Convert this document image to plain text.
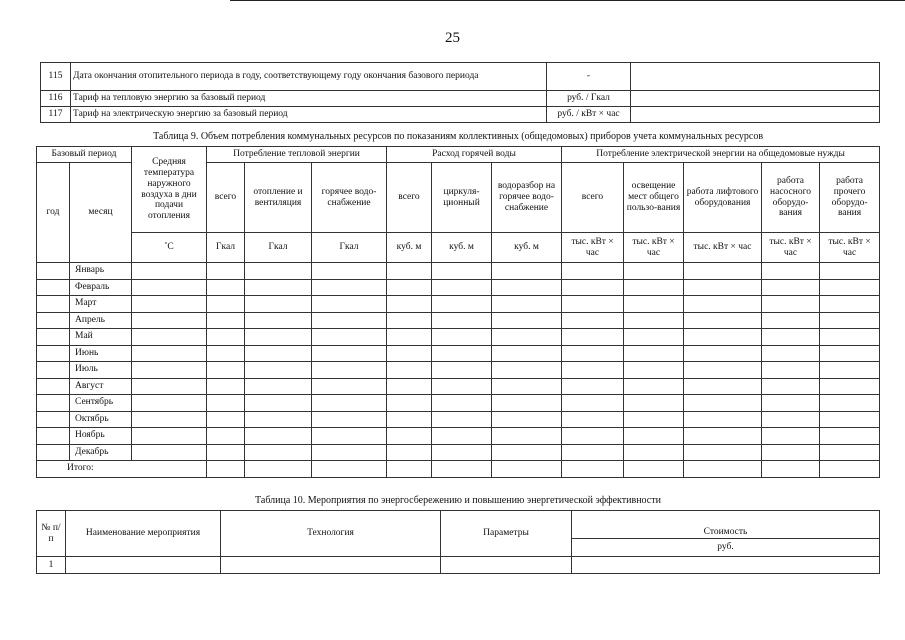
25
115	Дата окончания отопительного периода в году, соответствующему году окончания базового периода	-	
116	Тариф на тепловую энергию за базовый период	руб. / Гкал	
117	Тариф на электрическую энергию за базовый период	руб. / кВт × час	
Таблица 9. Объем потребления коммунальных ресурсов по показаниям коллективных (общедомовых) приборов учета коммунальных ресурсов													
Базовый период		Средняя температура наружного воздуха в дни подачи отопления	Потребление тепловой энергии			Расход горячей воды			Потребление электрической энергии на общедомовые нужды				
год	месяц		всего	отопление и вентиляция	горячее водо-снабжение	всего	циркуля-ционный	водоразбор на горячее водо-снабжение	всего	освещение мест общего пользо-вания	работа лифтового оборудования	работа насосного оборудо-вания	работа прочего оборудо-вания
		˚С	Гкал	Гкал	Гкал	куб. м	куб. м	куб. м	тыс. кВт × час	тыс. кВт × час	тыс. кВт × час	тыс. кВт × час	тыс. кВт × час
	Январь												
	Февраль												
	Март												
	Апрель												
	Май												
	Июнь												
	Июль												
	Август												
	Сентябрь												
	Октябрь												
	Ноябрь												
	Декабрь												
Итого:													
Таблица 10. Мероприятия по энергосбережению и повышению энергетической эффективности				
№ п/п	Наименование мероприятия	Технология	Параметры	Стоимость
				руб.
1				
